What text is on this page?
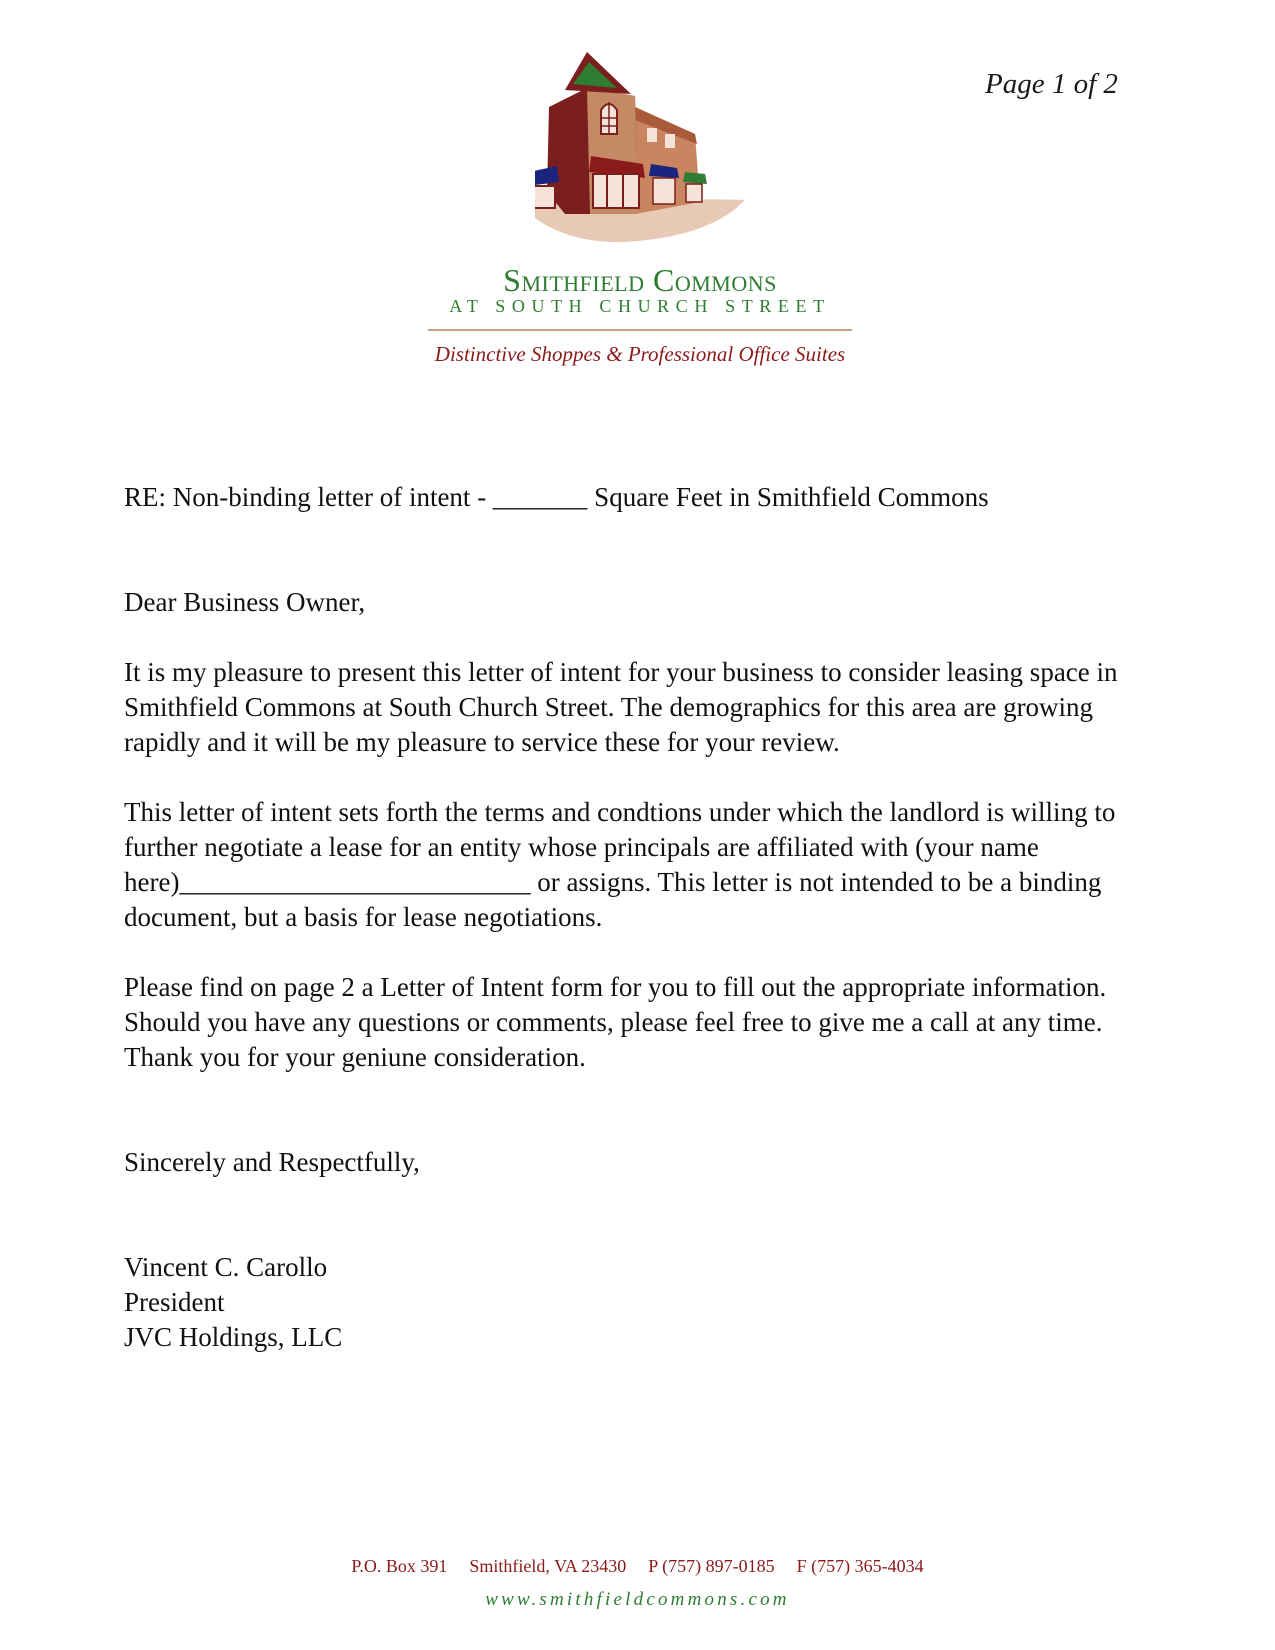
Page 1 of 2
Smithfield Commons
AT SOUTH CHURCH STREET
Distinctive Shoppes & Professional Office Suites

RE: Non-binding letter of intent - _______ Square Feet in Smithfield Commons

Dear Business Owner,

It is my pleasure to present this letter of intent for your business to consider leasing space in Smithfield Commons at South Church Street. The demographics for this area are growing rapidly and it will be my pleasure to service these for your review.

This letter of intent sets forth the terms and condtions under which the landlord is willing to further negotiate a lease for an entity whose principals are affiliated with (your name here)__________________________ or assigns. This letter is not intended to be a binding document, but a basis for lease negotiations.

Please find on page 2 a Letter of Intent form for you to fill out the appropriate information. Should you have any questions or comments, please feel free to give me a call at any time. Thank you for your geniune consideration.

Sincerely and Respectfully,

Vincent C. Carollo

President

JVC Holdings, LLC

P.O. Box 391 Smithfield, VA 23430 P (757) 897-0185 F (757) 365-4034
www.smithfieldcommons.com
